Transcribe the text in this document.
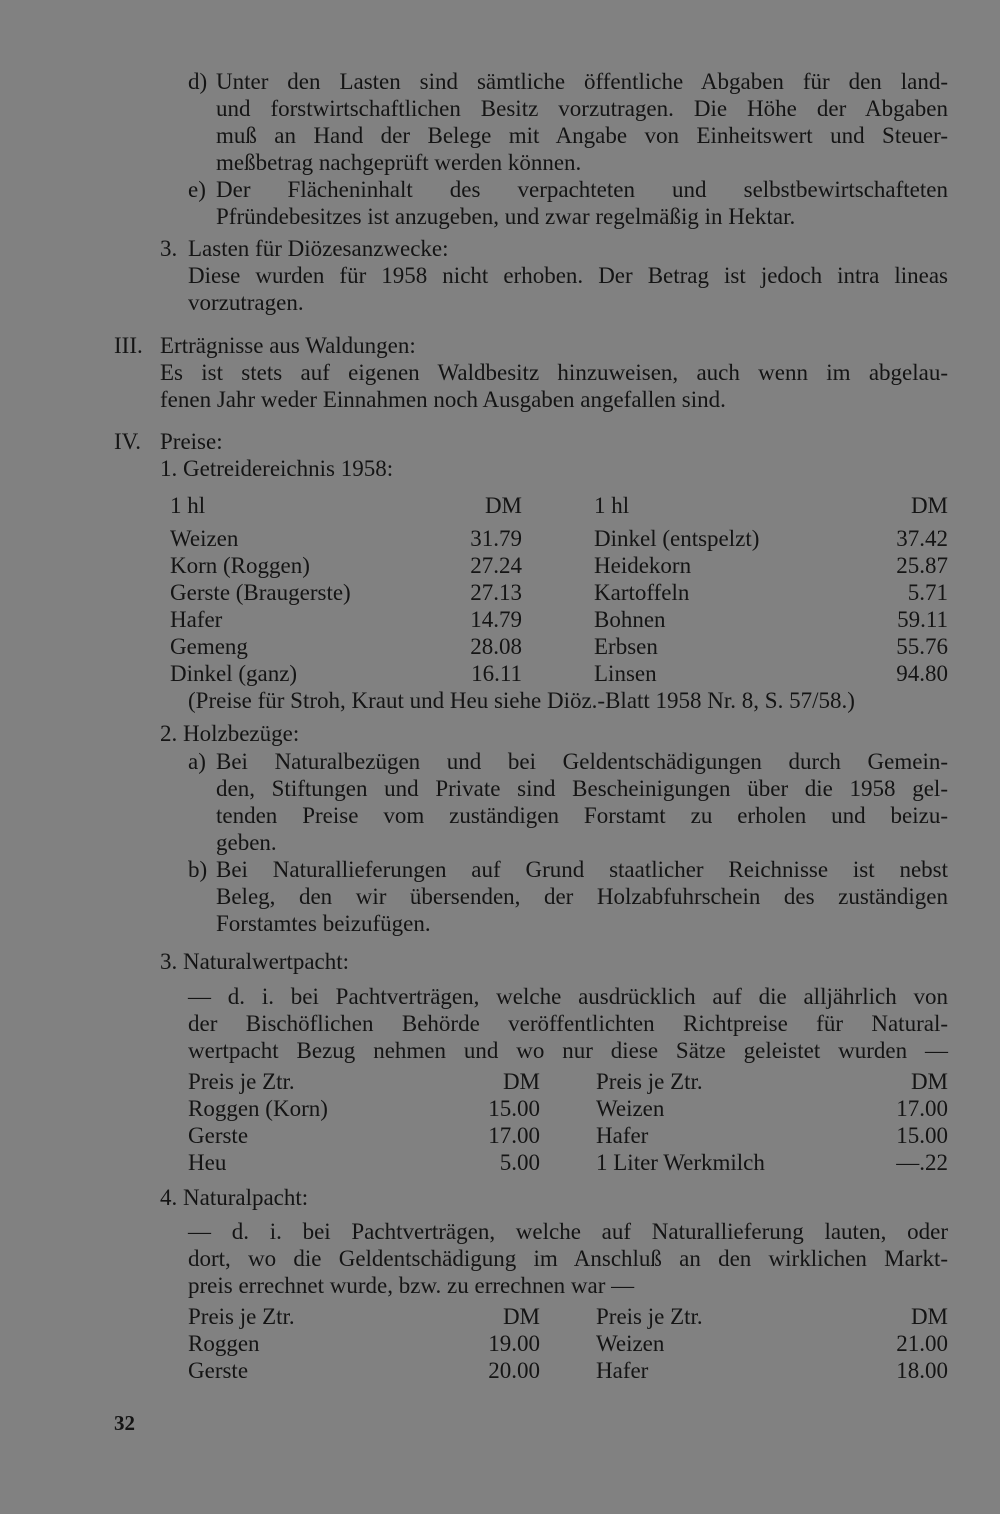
d) Unter den Lasten sind sämtliche öffentliche Abgaben für den land-
und forstwirtschaftlichen Besitz vorzutragen. Die Höhe der Abgaben
muß an Hand der Belege mit Angabe von Einheitswert und Steuer-
meßbetrag nachgeprüft werden können.
e) Der Flächeninhalt des verpachteten und selbstbewirtschafteten
Pfründebesitzes ist anzugeben, und zwar regelmäßig in Hektar.
3. Lasten für Diözesanzwecke:
Diese wurden für 1958 nicht erhoben. Der Betrag ist jedoch intra lineas
vorzutragen.
III. Erträgnisse aus Waldungen:
Es ist stets auf eigenen Waldbesitz hinzuweisen, auch wenn im abgelau-
fenen Jahr weder Einnahmen noch Ausgaben angefallen sind.
IV. Preise:
1. Getreidereichnis 1958:
1 hl	DM	1 hl	DM
Weizen	31.79	Dinkel (entspelzt)	37.42
Korn (Roggen)	27.24	Heidekorn	25.87
Gerste (Braugerste)	27.13	Kartoffeln	5.71
Hafer	14.79	Bohnen	59.11
Gemeng	28.08	Erbsen	55.76
Dinkel (ganz)	16.11	Linsen	94.80
(Preise für Stroh, Kraut und Heu siehe Diöz.-Blatt 1958 Nr. 8, S. 57/58.)
2. Holzbezüge:
a) Bei Naturalbezügen und bei Geldentschädigungen durch Gemein-
den, Stiftungen und Private sind Bescheinigungen über die 1958 gel-
tenden Preise vom zuständigen Forstamt zu erholen und beizu-
geben.
b) Bei Naturallieferungen auf Grund staatlicher Reichnisse ist nebst
Beleg, den wir übersenden, der Holzabfuhrschein des zuständigen
Forstamtes beizufügen.
3. Naturalwertpacht:
— d. i. bei Pachtverträgen, welche ausdrücklich auf die alljährlich von
der Bischöflichen Behörde veröffentlichten Richtpreise für Natural-
wertpacht Bezug nehmen und wo nur diese Sätze geleistet wurden —
Preis je Ztr.	DM Preis je Ztr.	DM
Roggen (Korn)	15.00 Weizen	17.00
Gerste	17.00 Hafer	15.00
Heu	5.00 1 Liter Werkmilch	—.22
4. Naturalpacht:
— d. i. bei Pachtverträgen, welche auf Naturallieferung lauten, oder
dort, wo die Geldentschädigung im Anschluß an den wirklichen Markt-
preis errechnet wurde, bzw. zu errechnen war —
Preis je Ztr.	DM Preis je Ztr.	DM
Roggen	19.00 Weizen	21.00
Gerste	20.00 Hafer	18.00
32
